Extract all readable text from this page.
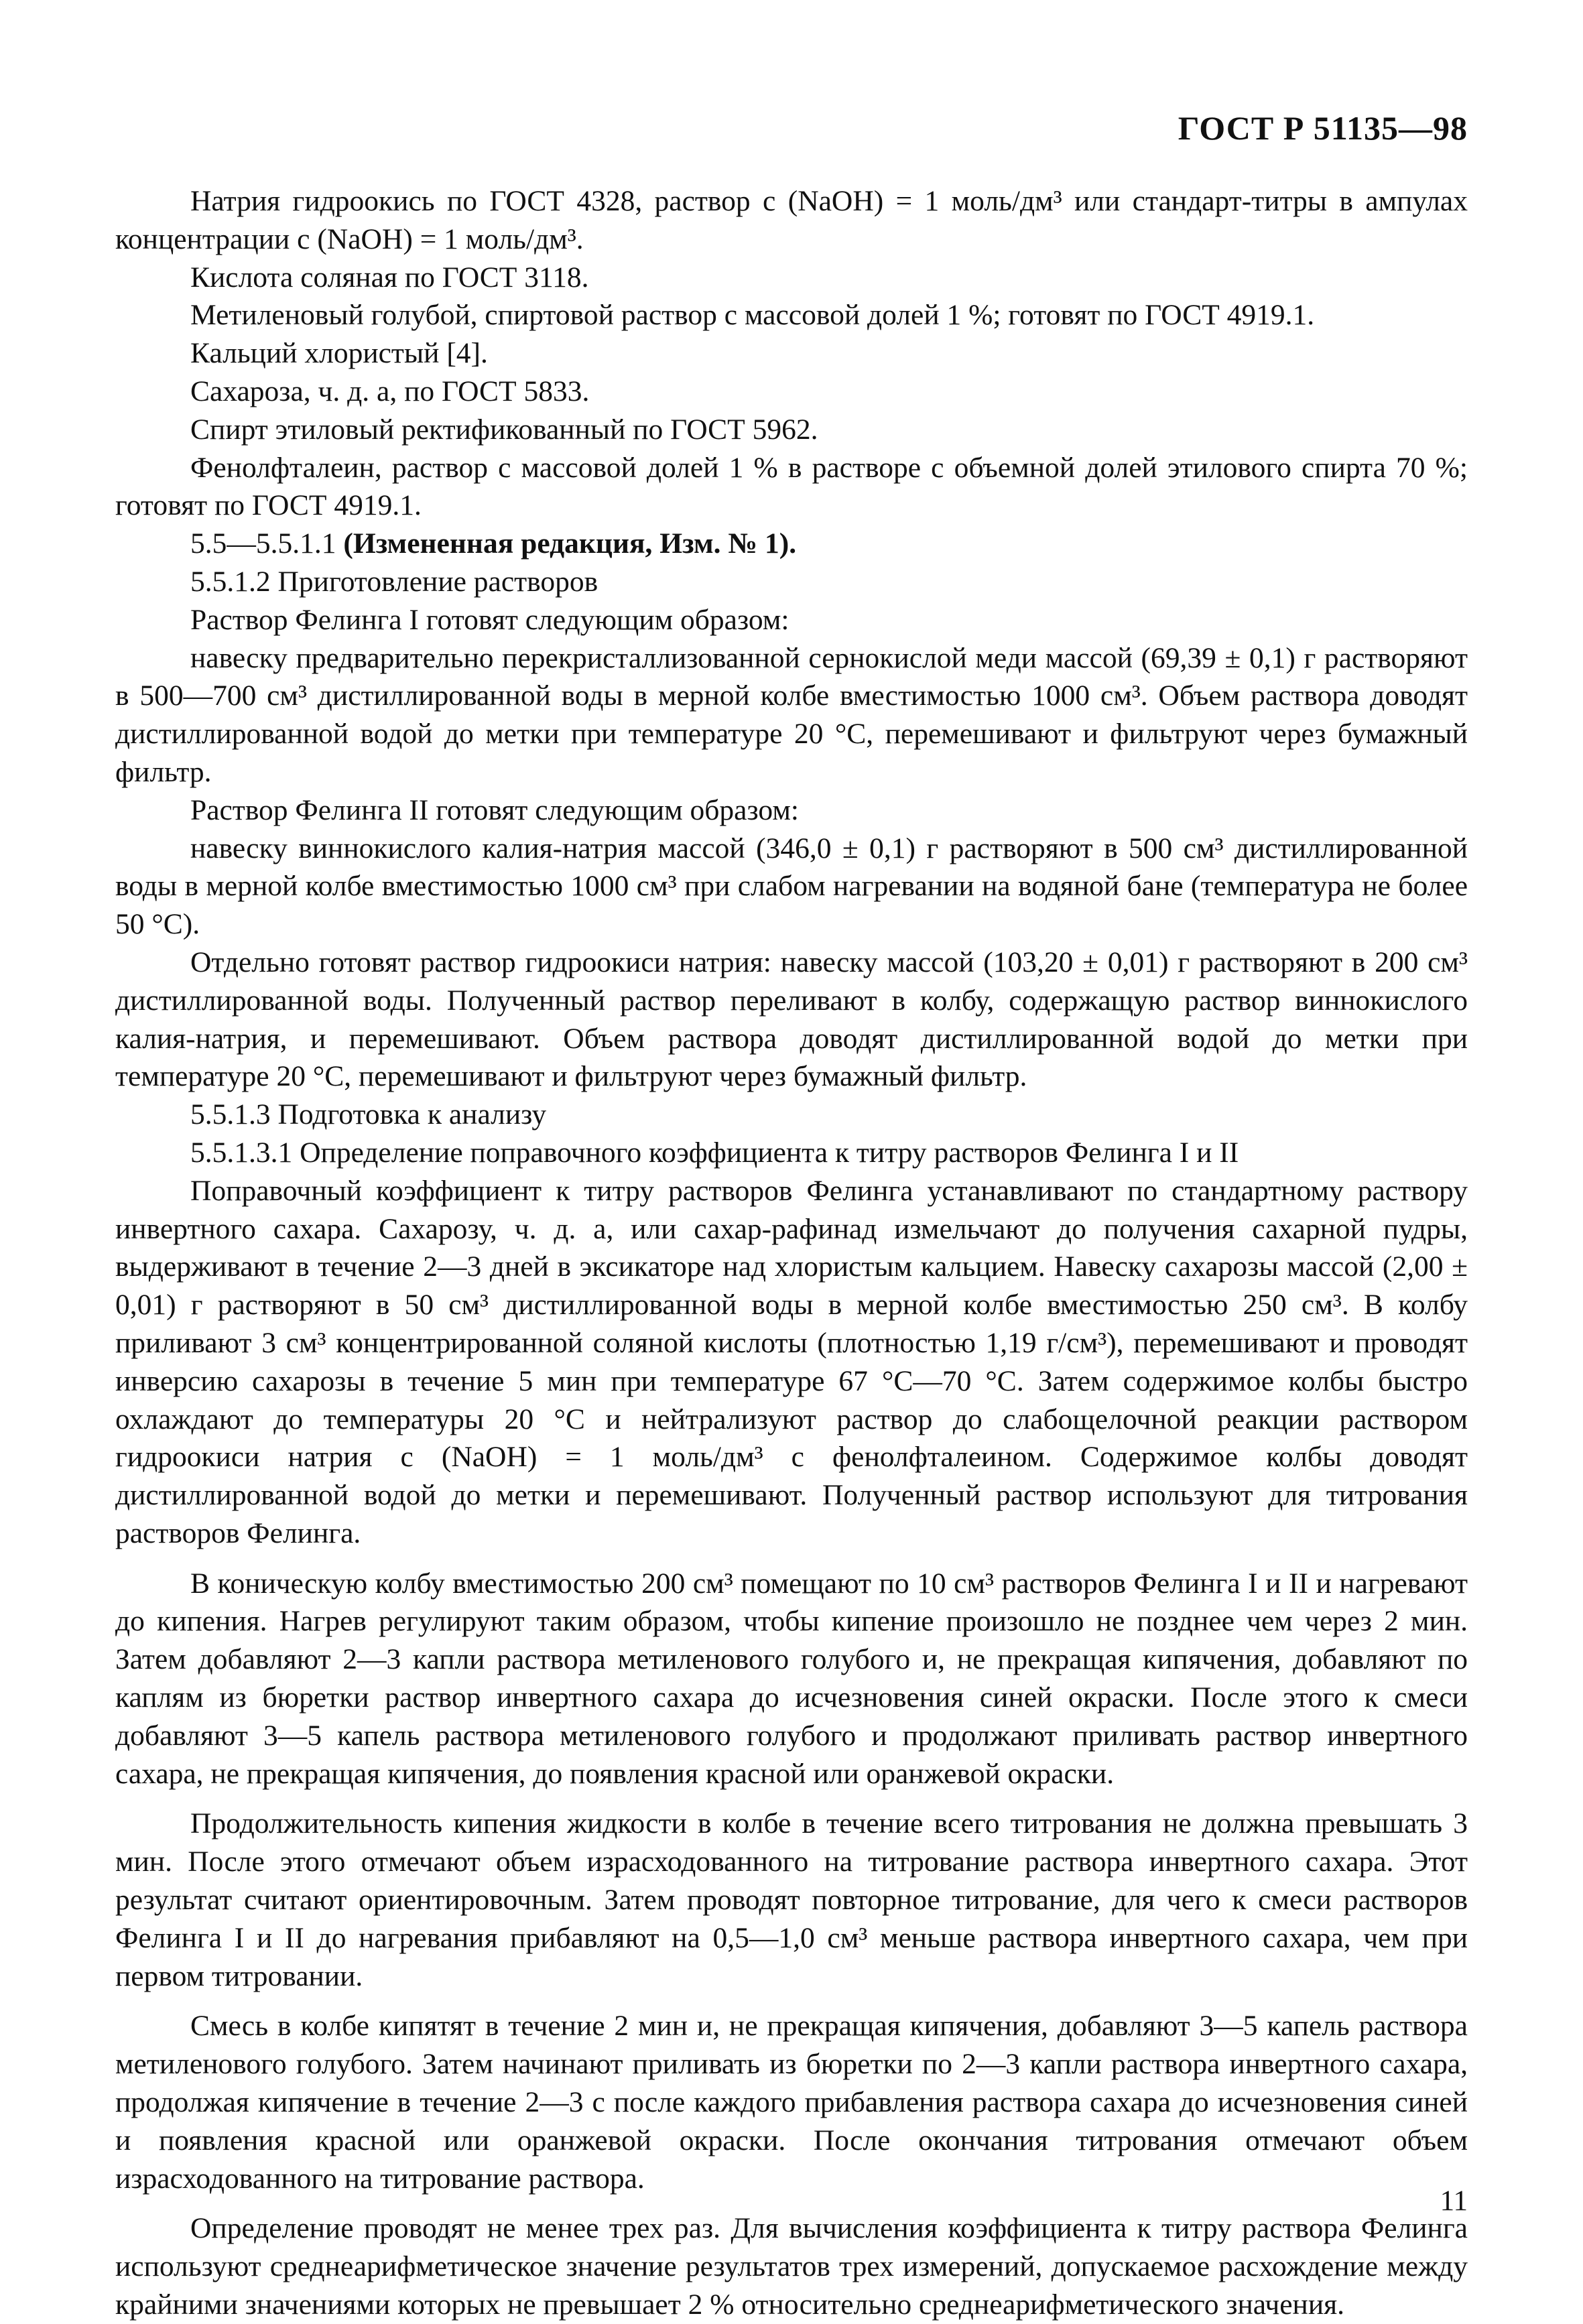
ГОСТ Р 51135—98

Натрия гидроокись по ГОСТ 4328, раствор c (NaOH) = 1 моль/дм³ или стандарт-титры в ампулах концентрации c (NaOH) = 1 моль/дм³.

Кислота соляная по ГОСТ 3118.

Метиленовый голубой, спиртовой раствор с массовой долей 1 %; готовят по ГОСТ 4919.1.

Кальций хлористый [4].

Сахароза, ч. д. а, по ГОСТ 5833.

Спирт этиловый ректификованный по ГОСТ 5962.

Фенолфталеин, раствор с массовой долей 1 % в растворе с объемной долей этилового спирта 70 %; готовят по ГОСТ 4919.1.

5.5—5.5.1.1 (Измененная редакция, Изм. № 1).

5.5.1.2 Приготовление растворов

Раствор Фелинга I готовят следующим образом:

навеску предварительно перекристаллизованной сернокислой меди массой (69,39 ± 0,1) г растворяют в 500—700 см³ дистиллированной воды в мерной колбе вместимостью 1000 см³. Объем раствора доводят дистиллированной водой до метки при температуре 20 °С, перемешивают и фильтруют через бумажный фильтр.

Раствор Фелинга II готовят следующим образом:

навеску виннокислого калия-натрия массой (346,0 ± 0,1) г растворяют в 500 см³ дистиллированной воды в мерной колбе вместимостью 1000 см³ при слабом нагревании на водяной бане (температура не более 50 °С).

Отдельно готовят раствор гидроокиси натрия: навеску массой (103,20 ± 0,01) г растворяют в 200 см³ дистиллированной воды. Полученный раствор переливают в колбу, содержащую раствор виннокислого калия-натрия, и перемешивают. Объем раствора доводят дистиллированной водой до метки при температуре 20 °С, перемешивают и фильтруют через бумажный фильтр.

5.5.1.3 Подготовка к анализу

5.5.1.3.1 Определение поправочного коэффициента к титру растворов Фелинга I и II

Поправочный коэффициент к титру растворов Фелинга устанавливают по стандартному раствору инвертного сахара. Сахарозу, ч. д. а, или сахар-рафинад измельчают до получения сахарной пудры, выдерживают в течение 2—3 дней в эксикаторе над хлористым кальцием. Навеску сахарозы массой (2,00 ± 0,01) г растворяют в 50 см³ дистиллированной воды в мерной колбе вместимостью 250 см³. В колбу приливают 3 см³ концентрированной соляной кислоты (плотностью 1,19 г/см³), перемешивают и проводят инверсию сахарозы в течение 5 мин при температуре 67 °С—70 °С. Затем содержимое колбы быстро охлаждают до температуры 20 °С и нейтрализуют раствор до слабощелочной реакции раствором гидроокиси натрия c (NaOH) = 1 моль/дм³ с фенолфталеином. Содержимое колбы доводят дистиллированной водой до метки и перемешивают. Полученный раствор используют для титрования растворов Фелинга.

В коническую колбу вместимостью 200 см³ помещают по 10 см³ растворов Фелинга I и II и нагревают до кипения. Нагрев регулируют таким образом, чтобы кипение произошло не позднее чем через 2 мин. Затем добавляют 2—3 капли раствора метиленового голубого и, не прекращая кипячения, добавляют по каплям из бюретки раствор инвертного сахара до исчезновения синей окраски. После этого к смеси добавляют 3—5 капель раствора метиленового голубого и продолжают приливать раствор инвертного сахара, не прекращая кипячения, до появления красной или оранжевой окраски.

Продолжительность кипения жидкости в колбе в течение всего титрования не должна превышать 3 мин. После этого отмечают объем израсходованного на титрование раствора инвертного сахара. Этот результат считают ориентировочным. Затем проводят повторное титрование, для чего к смеси растворов Фелинга I и II до нагревания прибавляют на 0,5—1,0 см³ меньше раствора инвертного сахара, чем при первом титровании.

Смесь в колбе кипятят в течение 2 мин и, не прекращая кипячения, добавляют 3—5 капель раствора метиленового голубого. Затем начинают приливать из бюретки по 2—3 капли раствора инвертного сахара, продолжая кипячение в течение 2—3 с после каждого прибавления раствора сахара до исчезновения синей и появления красной или оранжевой окраски. После окончания титрования отмечают объем израсходованного на титрование раствора.

Определение проводят не менее трех раз. Для вычисления коэффициента к титру раствора Фелинга используют среднеарифметическое значение результатов трех измерений, допускаемое расхождение между крайними значениями которых не превышает 2 % относительно среднеарифметического значения.

11
